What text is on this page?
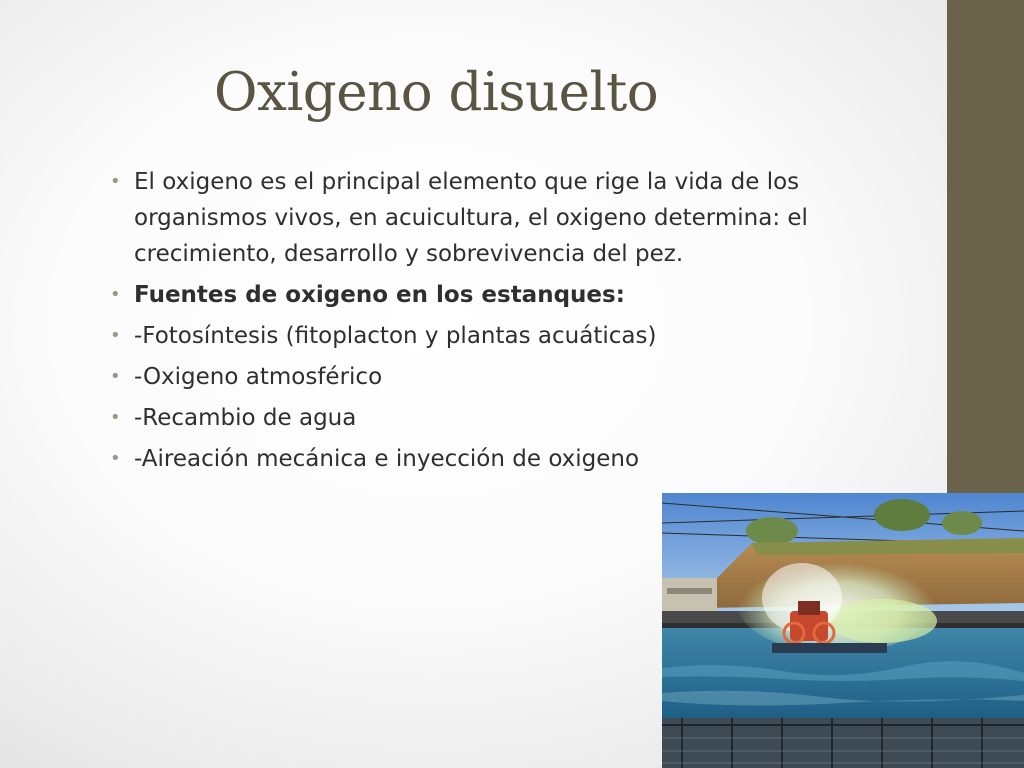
Oxigeno disuelto
• El oxigeno es el principal elemento que rige la vida de los organismos vivos, en acuicultura, el oxigeno determina: el crecimiento, desarrollo y sobrevivencia del pez.
• Fuentes de oxigeno en los estanques:
• -Fotosíntesis (fitoplacton y plantas acuáticas)
• -Oxigeno atmosférico
• -Recambio de agua
• -Aireación mecánica e inyección de oxigeno
